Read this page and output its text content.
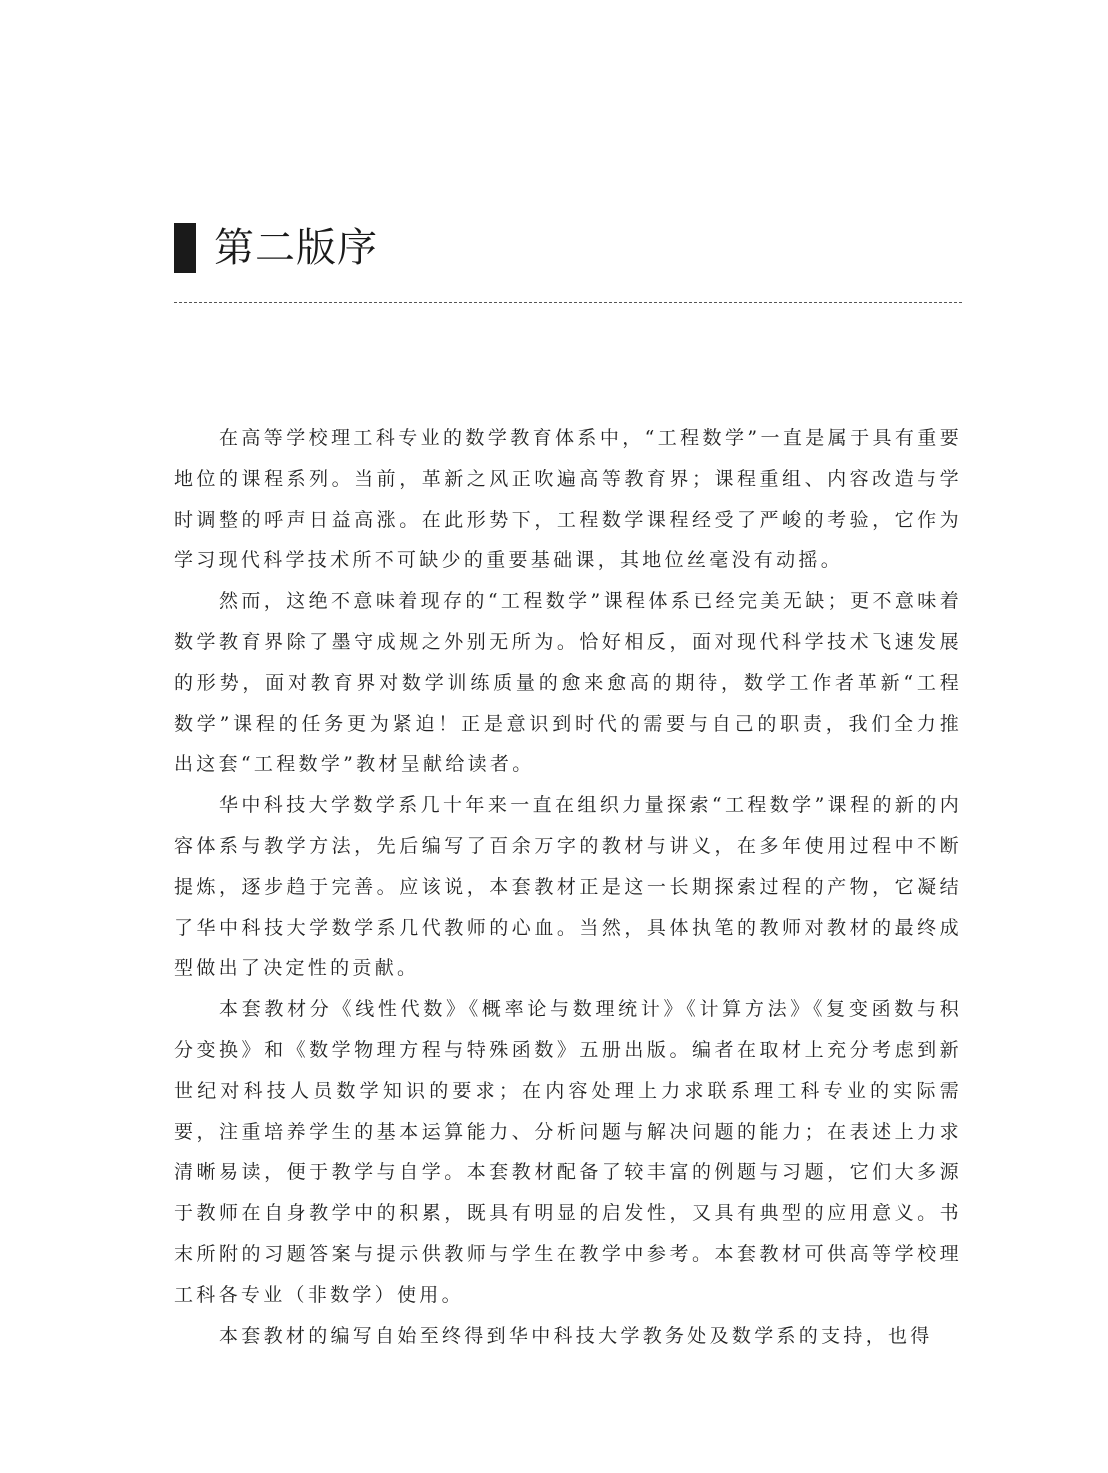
第二版序

在高等学校理工科专业的数学教育体系中，“工程数学”一直是属于具有重要地位的课程系列。当前，革新之风正吹遍高等教育界；课程重组、内容改造与学时调整的呼声日益高涨。在此形势下，工程数学课程经受了严峻的考验，它作为学习现代科学技术所不可缺少的重要基础课，其地位丝毫没有动摇。

然而，这绝不意味着现存的“工程数学”课程体系已经完美无缺；更不意味着数学教育界除了墨守成规之外别无所为。恰好相反，面对现代科学技术飞速发展的形势，面对教育界对数学训练质量的愈来愈高的期待，数学工作者革新“工程数学”课程的任务更为紧迫！正是意识到时代的需要与自己的职责，我们全力推出这套“工程数学”教材呈献给读者。

华中科技大学数学系几十年来一直在组织力量探索“工程数学”课程的新的内容体系与教学方法，先后编写了百余万字的教材与讲义，在多年使用过程中不断提炼，逐步趋于完善。应该说，本套教材正是这一长期探索过程的产物，它凝结了华中科技大学数学系几代教师的心血。当然，具体执笔的教师对教材的最终成型做出了决定性的贡献。

本套教材分《线性代数》《概率论与数理统计》《计算方法》《复变函数与积分变换》和《数学物理方程与特殊函数》五册出版。编者在取材上充分考虑到新世纪对科技人员数学知识的要求；在内容处理上力求联系理工科专业的实际需要，注重培养学生的基本运算能力、分析问题与解决问题的能力；在表述上力求清晰易读，便于教学与自学。本套教材配备了较丰富的例题与习题，它们大多源于教师在自身教学中的积累，既具有明显的启发性，又具有典型的应用意义。书末所附的习题答案与提示供教师与学生在教学中参考。本套教材可供高等学校理工科各专业（非数学）使用。

本套教材的编写自始至终得到华中科技大学教务处及数学系的支持，也得
